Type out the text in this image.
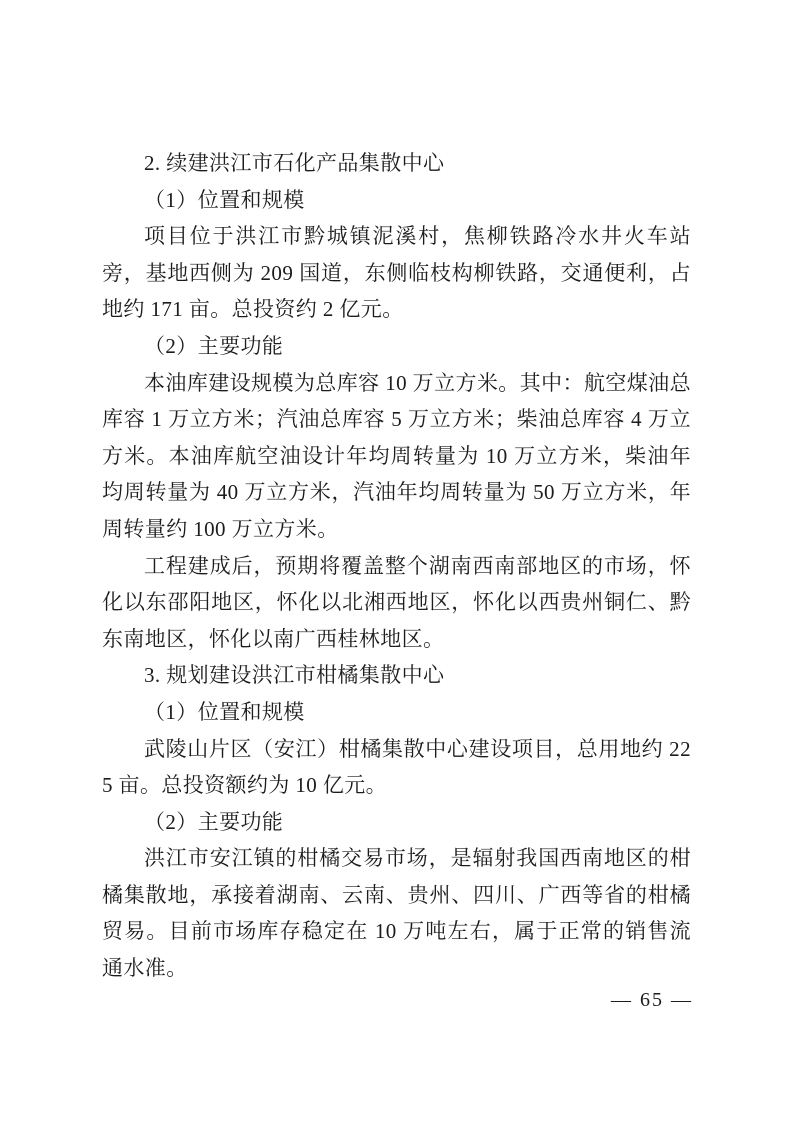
2. 续建洪江市石化产品集散中心

（1）位置和规模

项目位于洪江市黔城镇泥溪村，焦柳铁路冷水井火车站旁，基地西侧为 209 国道，东侧临枝构柳铁路，交通便利，占地约 171 亩。总投资约 2 亿元。

（2）主要功能

本油库建设规模为总库容 10 万立方米。其中：航空煤油总库容 1 万立方米；汽油总库容 5 万立方米；柴油总库容 4 万立方米。本油库航空油设计年均周转量为 10 万立方米，柴油年均周转量为 40 万立方米，汽油年均周转量为 50 万立方米，年周转量约 100 万立方米。

工程建成后，预期将覆盖整个湖南西南部地区的市场，怀化以东邵阳地区，怀化以北湘西地区，怀化以西贵州铜仁、黔东南地区，怀化以南广西桂林地区。

3. 规划建设洪江市柑橘集散中心

（1）位置和规模

武陵山片区（安江）柑橘集散中心建设项目，总用地约 225 亩。总投资额约为 10 亿元。

（2）主要功能

洪江市安江镇的柑橘交易市场，是辐射我国西南地区的柑橘集散地，承接着湖南、云南、贵州、四川、广西等省的柑橘贸易。目前市场库存稳定在 10 万吨左右，属于正常的销售流通水准。

— 65 —
